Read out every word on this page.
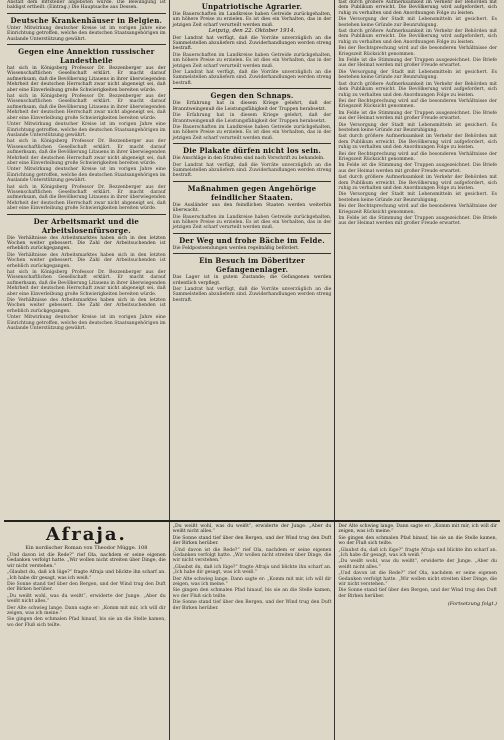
Anstalt dem Bittsteller angeboten würde. Die Bewilligung ist baldigst ertheilt. (Eintrag.) Die Hauptsache aus Dessen.

Deutsche Krankenhäuser in Belgien.

Unter Mitwirkung deutscher Kreise ist im vorigen Jahre eine Einrichtung getroffen, welche den deutschen Staatsangehörigen im Auslande Unterstützung gewährt.

Gegen eine Annektion russischer Landestheile

hat sich in Königsberg Professor Dr. Bezzenberger aus der Wissenschaftlichen Gesellschaft erklärt. Er macht darauf aufmerksam, daß die Bevölkerung Litauens in ihrer überwiegenden Mehrheit der deutschen Herrschaft zwar nicht abgeneigt sei, daß aber eine Einverleibung große Schwierigkeiten bereiten würde.

hat sich in Königsberg Professor Dr. Bezzenberger aus der Wissenschaftlichen Gesellschaft erklärt. Er macht darauf aufmerksam, daß die Bevölkerung Litauens in ihrer überwiegenden Mehrheit der deutschen Herrschaft zwar nicht abgeneigt sei, daß aber eine Einverleibung große Schwierigkeiten bereiten würde.

Unter Mitwirkung deutscher Kreise ist im vorigen Jahre eine Einrichtung getroffen, welche den deutschen Staatsangehörigen im Auslande Unterstützung gewährt.

hat sich in Königsberg Professor Dr. Bezzenberger aus der Wissenschaftlichen Gesellschaft erklärt. Er macht darauf aufmerksam, daß die Bevölkerung Litauens in ihrer überwiegenden Mehrheit der deutschen Herrschaft zwar nicht abgeneigt sei, daß aber eine Einverleibung große Schwierigkeiten bereiten würde.

Unter Mitwirkung deutscher Kreise ist im vorigen Jahre eine Einrichtung getroffen, welche den deutschen Staatsangehörigen im Auslande Unterstützung gewährt.

hat sich in Königsberg Professor Dr. Bezzenberger aus der Wissenschaftlichen Gesellschaft erklärt. Er macht darauf aufmerksam, daß die Bevölkerung Litauens in ihrer überwiegenden Mehrheit der deutschen Herrschaft zwar nicht abgeneigt sei, daß aber eine Einverleibung große Schwierigkeiten bereiten würde.

Der Arbeitsmarkt und die Arbeitslosenfürsorge.

Die Verhältnisse des Arbeitsmarktes haben sich in den letzten Wochen weiter gebessert. Die Zahl der Arbeitsuchenden ist erheblich zurückgegangen.

Die Verhältnisse des Arbeitsmarktes haben sich in den letzten Wochen weiter gebessert. Die Zahl der Arbeitsuchenden ist erheblich zurückgegangen.

hat sich in Königsberg Professor Dr. Bezzenberger aus der Wissenschaftlichen Gesellschaft erklärt. Er macht darauf aufmerksam, daß die Bevölkerung Litauens in ihrer überwiegenden Mehrheit der deutschen Herrschaft zwar nicht abgeneigt sei, daß aber eine Einverleibung große Schwierigkeiten bereiten würde.

Die Verhältnisse des Arbeitsmarktes haben sich in den letzten Wochen weiter gebessert. Die Zahl der Arbeitsuchenden ist erheblich zurückgegangen.

Unter Mitwirkung deutscher Kreise ist im vorigen Jahre eine Einrichtung getroffen, welche den deutschen Staatsangehörigen im Auslande Unterstützung gewährt.

Unpatriotische Agrarier.

Die Bauerschaften im Landkreise haben Getreide zurückgehalten, um höhere Preise zu erzielen. Es ist dies ein Verhalten, das in der jetzigen Zeit scharf verurteilt werden muß.

Leipzig, den 22. Oktober 1914.

Der Landrat hat verfügt, daß die Vorräte unverzüglich an die Sammelstellen abzuliefern sind. Zuwiderhandlungen werden streng bestraft.

Die Bauerschaften im Landkreise haben Getreide zurückgehalten, um höhere Preise zu erzielen. Es ist dies ein Verhalten, das in der jetzigen Zeit scharf verurteilt werden muß.

Der Landrat hat verfügt, daß die Vorräte unverzüglich an die Sammelstellen abzuliefern sind. Zuwiderhandlungen werden streng bestraft.

Gegen den Schnaps.

Die Erfahrung hat in diesem Kriege gelehrt, daß der Branntweingenuß die Leistungsfähigkeit der Truppen herabsetzt.

Die Erfahrung hat in diesem Kriege gelehrt, daß der Branntweingenuß die Leistungsfähigkeit der Truppen herabsetzt.

Die Bauerschaften im Landkreise haben Getreide zurückgehalten, um höhere Preise zu erzielen. Es ist dies ein Verhalten, das in der jetzigen Zeit scharf verurteilt werden muß.

Die Plakate dürfen nicht los sein.

Die Anschläge in den Straßen sind nach Vorschrift zu behandeln.

Der Landrat hat verfügt, daß die Vorräte unverzüglich an die Sammelstellen abzuliefern sind. Zuwiderhandlungen werden streng bestraft.

Maßnahmen gegen Angehörige feindlicher Staaten.

Die Ausländer aus den feindlichen Staaten werden weiterhin überwacht.

Die Bauerschaften im Landkreise haben Getreide zurückgehalten, um höhere Preise zu erzielen. Es ist dies ein Verhalten, das in der jetzigen Zeit scharf verurteilt werden muß.

Der Weg und frohe Bäche im Felde.

Die Feldpostsendungen werden regelmäßig befördert.

Ein Besuch im Döberitzer Gefangenenlager.

Das Lager ist in gutem Zustande; die Gefangenen werden ordentlich verpflegt.

Der Landrat hat verfügt, daß die Vorräte unverzüglich an die Sammelstellen abzuliefern sind. Zuwiderhandlungen werden streng bestraft.

fast durch größere Aufmerksamkeit im Verkehr der Behörden mit dem Publikum erreicht. Die Bevölkerung wird aufgefordert, sich ruhig zu verhalten und den Anordnungen Folge zu leisten.

Die Versorgung der Stadt mit Lebensmitteln ist gesichert. Es bestehen keine Gründe zur Beunruhigung.

fast durch größere Aufmerksamkeit im Verkehr der Behörden mit dem Publikum erreicht. Die Bevölkerung wird aufgefordert, sich ruhig zu verhalten und den Anordnungen Folge zu leisten.

Bei der Rechtsprechung wird auf die besonderen Verhältnisse der Kriegszeit Rücksicht genommen.

Im Felde ist die Stimmung der Truppen ausgezeichnet. Die Briefe aus der Heimat werden mit großer Freude erwartet.

Die Versorgung der Stadt mit Lebensmitteln ist gesichert. Es bestehen keine Gründe zur Beunruhigung.

fast durch größere Aufmerksamkeit im Verkehr der Behörden mit dem Publikum erreicht. Die Bevölkerung wird aufgefordert, sich ruhig zu verhalten und den Anordnungen Folge zu leisten.

Bei der Rechtsprechung wird auf die besonderen Verhältnisse der Kriegszeit Rücksicht genommen.

Im Felde ist die Stimmung der Truppen ausgezeichnet. Die Briefe aus der Heimat werden mit großer Freude erwartet.

Die Versorgung der Stadt mit Lebensmitteln ist gesichert. Es bestehen keine Gründe zur Beunruhigung.

fast durch größere Aufmerksamkeit im Verkehr der Behörden mit dem Publikum erreicht. Die Bevölkerung wird aufgefordert, sich ruhig zu verhalten und den Anordnungen Folge zu leisten.

Bei der Rechtsprechung wird auf die besonderen Verhältnisse der Kriegszeit Rücksicht genommen.

Im Felde ist die Stimmung der Truppen ausgezeichnet. Die Briefe aus der Heimat werden mit großer Freude erwartet.

fast durch größere Aufmerksamkeit im Verkehr der Behörden mit dem Publikum erreicht. Die Bevölkerung wird aufgefordert, sich ruhig zu verhalten und den Anordnungen Folge zu leisten.

Die Versorgung der Stadt mit Lebensmitteln ist gesichert. Es bestehen keine Gründe zur Beunruhigung.

Bei der Rechtsprechung wird auf die besonderen Verhältnisse der Kriegszeit Rücksicht genommen.

Im Felde ist die Stimmung der Truppen ausgezeichnet. Die Briefe aus der Heimat werden mit großer Freude erwartet.

Afraja.
Ein nordischer Roman von Theodor Mügge. 108

„Und davon ist die Rede?“ rief Ola, nachdem er seine eigenen Gedanken verfolgt hatte. „Wir wollen nicht streiten über Dinge, die wir nicht verstehen.“

„Glaubst du, daß ich lüge?“ fragte Afraja und blickte ihn scharf an. „Ich habe dir gesagt, was ich weiß.“

Die Sonne stand tief über den Bergen, und der Wind trug den Duft der Birken herüber.

„Du weißt wohl, was du weißt“, erwiderte der Junge. „Aber du weißt nicht alles.“

Der Alte schwieg lange. Dann sagte er: „Komm mit mir, ich will dir zeigen, was ich meine.“

Sie gingen den schmalen Pfad hinauf, bis sie an die Stelle kamen, wo der Fluß sich teilte.

„Du weißt wohl, was du weißt“, erwiderte der Junge. „Aber du weißt nicht alles.“

Die Sonne stand tief über den Bergen, und der Wind trug den Duft der Birken herüber.

„Und davon ist die Rede?“ rief Ola, nachdem er seine eigenen Gedanken verfolgt hatte. „Wir wollen nicht streiten über Dinge, die wir nicht verstehen.“

„Glaubst du, daß ich lüge?“ fragte Afraja und blickte ihn scharf an. „Ich habe dir gesagt, was ich weiß.“

Der Alte schwieg lange. Dann sagte er: „Komm mit mir, ich will dir zeigen, was ich meine.“

Sie gingen den schmalen Pfad hinauf, bis sie an die Stelle kamen, wo der Fluß sich teilte.

Die Sonne stand tief über den Bergen, und der Wind trug den Duft der Birken herüber.

Der Alte schwieg lange. Dann sagte er: „Komm mit mir, ich will dir zeigen, was ich meine.“

Sie gingen den schmalen Pfad hinauf, bis sie an die Stelle kamen, wo der Fluß sich teilte.

„Glaubst du, daß ich lüge?“ fragte Afraja und blickte ihn scharf an. „Ich habe dir gesagt, was ich weiß.“

„Du weißt wohl, was du weißt“, erwiderte der Junge. „Aber du weißt nicht alles.“

„Und davon ist die Rede?“ rief Ola, nachdem er seine eigenen Gedanken verfolgt hatte. „Wir wollen nicht streiten über Dinge, die wir nicht verstehen.“

Die Sonne stand tief über den Bergen, und der Wind trug den Duft der Birken herüber.

(Fortsetzung folgt.)
